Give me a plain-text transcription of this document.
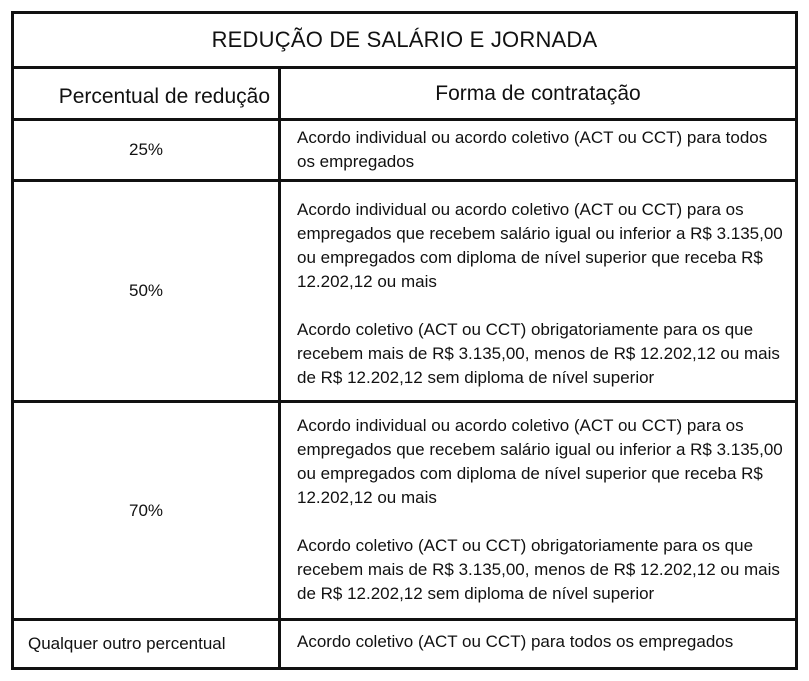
REDUÇÃO DE SALÁRIO E JORNADA
Percentual de redução	Forma de contratação
25%
Acordo individual ou acordo coletivo (ACT ou CCT) para todos os empregados
50%
Acordo individual ou acordo coletivo (ACT ou CCT) para os empregados que recebem salário igual ou inferior a R$ 3.135,00 ou empregados com diploma de nível superior que receba R$ 12.202,12 ou mais
Acordo coletivo (ACT ou CCT) obrigatoriamente para os que recebem mais de R$ 3.135,00, menos de R$ 12.202,12 ou mais de R$ 12.202,12 sem diploma de nível superior
70%
Acordo individual ou acordo coletivo (ACT ou CCT) para os empregados que recebem salário igual ou inferior a R$ 3.135,00 ou empregados com diploma de nível superior que receba R$ 12.202,12 ou mais
Acordo coletivo (ACT ou CCT) obrigatoriamente para os que recebem mais de R$ 3.135,00, menos de R$ 12.202,12 ou mais de R$ 12.202,12 sem diploma de nível superior
Qualquer outro percentual	Acordo coletivo (ACT ou CCT) para todos os empregados
